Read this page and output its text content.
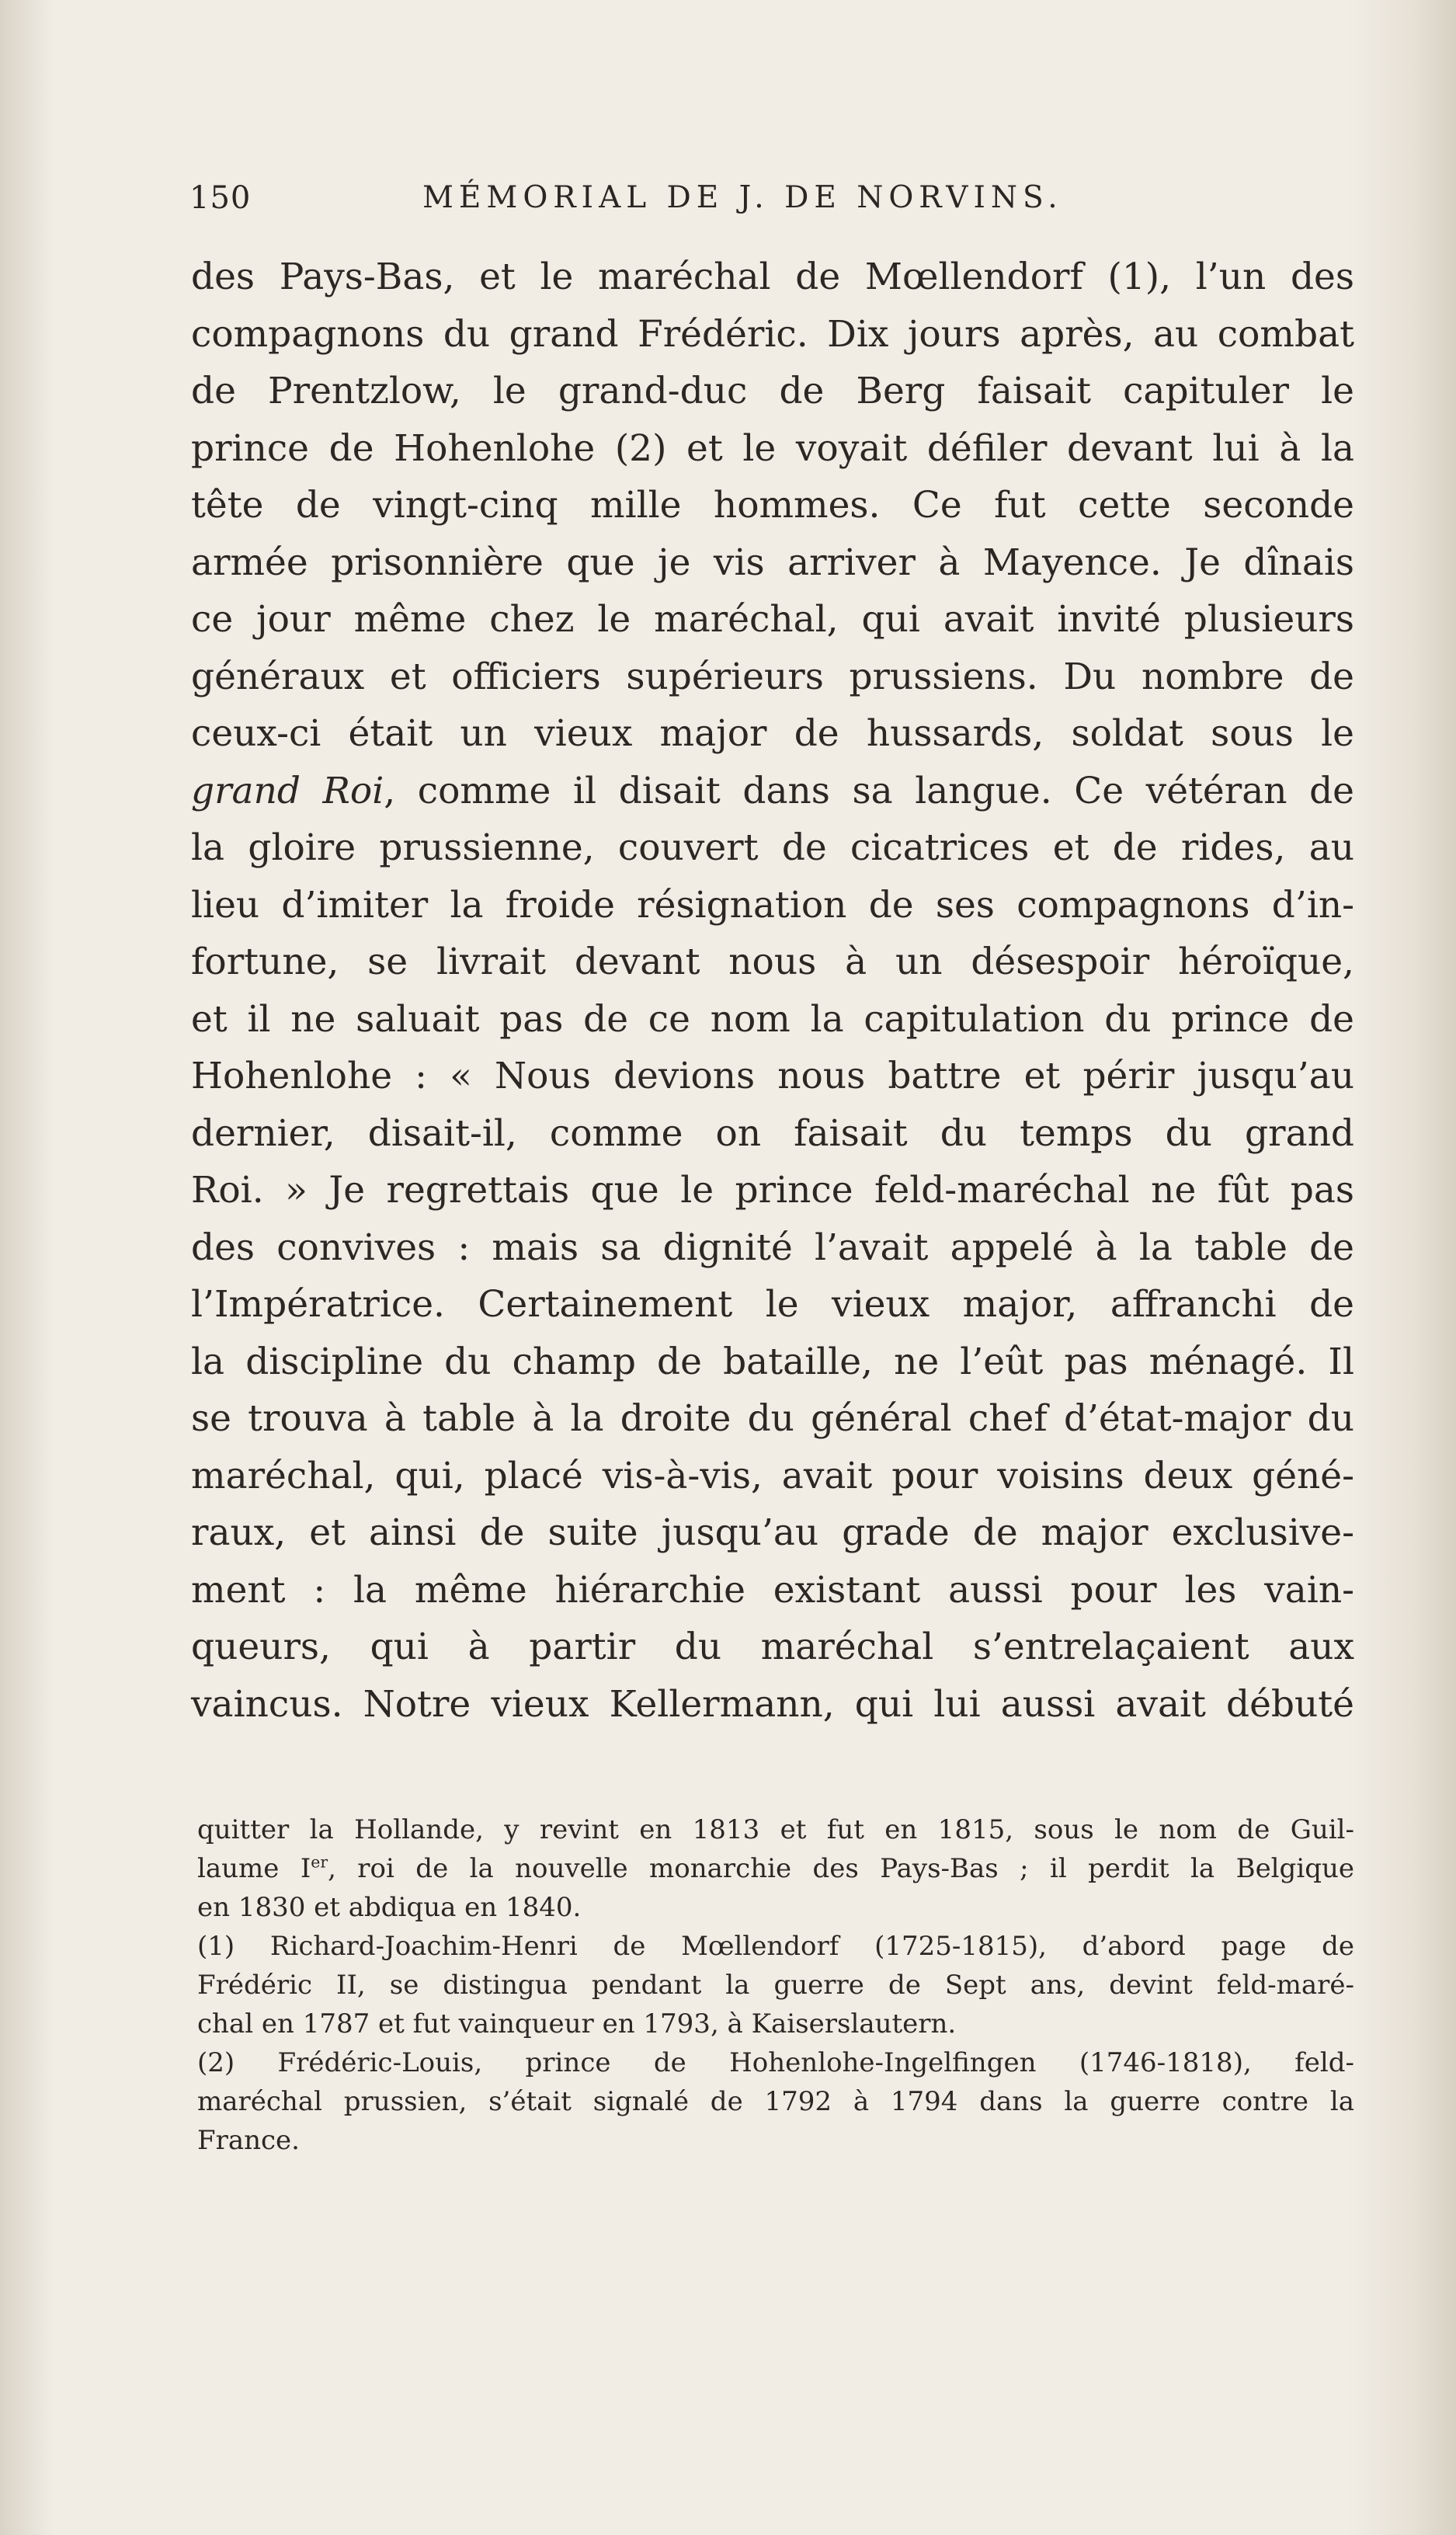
150	MÉMORIAL DE J. DE NORVINS.
des Pays-Bas, et le maréchal de Mœllendorf (1), l’un des
compagnons du grand Frédéric. Dix jours après, au combat
de Prentzlow, le grand-duc de Berg faisait capituler le
prince de Hohenlohe (2) et le voyait défiler devant lui à la
tête de vingt-cinq mille hommes. Ce fut cette seconde
armée prisonnière que je vis arriver à Mayence. Je dînais
ce jour même chez le maréchal, qui avait invité plusieurs
généraux et officiers supérieurs prussiens. Du nombre de
ceux-ci était un vieux major de hussards, soldat sous le
grand Roi, comme il disait dans sa langue. Ce vétéran de
la gloire prussienne, couvert de cicatrices et de rides, au
lieu d’imiter la froide résignation de ses compagnons d’in-
fortune, se livrait devant nous à un désespoir héroïque,
et il ne saluait pas de ce nom la capitulation du prince de
Hohenlohe : « Nous devions nous battre et périr jusqu’au
dernier, disait-il, comme on faisait du temps du grand
Roi. » Je regrettais que le prince feld-maréchal ne fût pas
des convives : mais sa dignité l’avait appelé à la table de
l’Impératrice. Certainement le vieux major, affranchi de
la discipline du champ de bataille, ne l’eût pas ménagé. Il
se trouva à table à la droite du général chef d’état-major du
maréchal, qui, placé vis-à-vis, avait pour voisins deux géné-
raux, et ainsi de suite jusqu’au grade de major exclusive-
ment : la même hiérarchie existant aussi pour les vain-
queurs, qui à partir du maréchal s’entrelaçaient aux
vaincus. Notre vieux Kellermann, qui lui aussi avait débuté
quitter la Hollande, y revint en 1813 et fut en 1815, sous le nom de Guil-
laume Ier, roi de la nouvelle monarchie des Pays-Bas ; il perdit la Belgique
en 1830 et abdiqua en 1840.
(1) Richard-Joachim-Henri de Mœllendorf (1725-1815), d’abord page de
Frédéric II, se distingua pendant la guerre de Sept ans, devint feld-maré-
chal en 1787 et fut vainqueur en 1793, à Kaiserslautern.
(2) Frédéric-Louis, prince de Hohenlohe-Ingelfingen (1746-1818), feld-
maréchal prussien, s’était signalé de 1792 à 1794 dans la guerre contre la
France.
